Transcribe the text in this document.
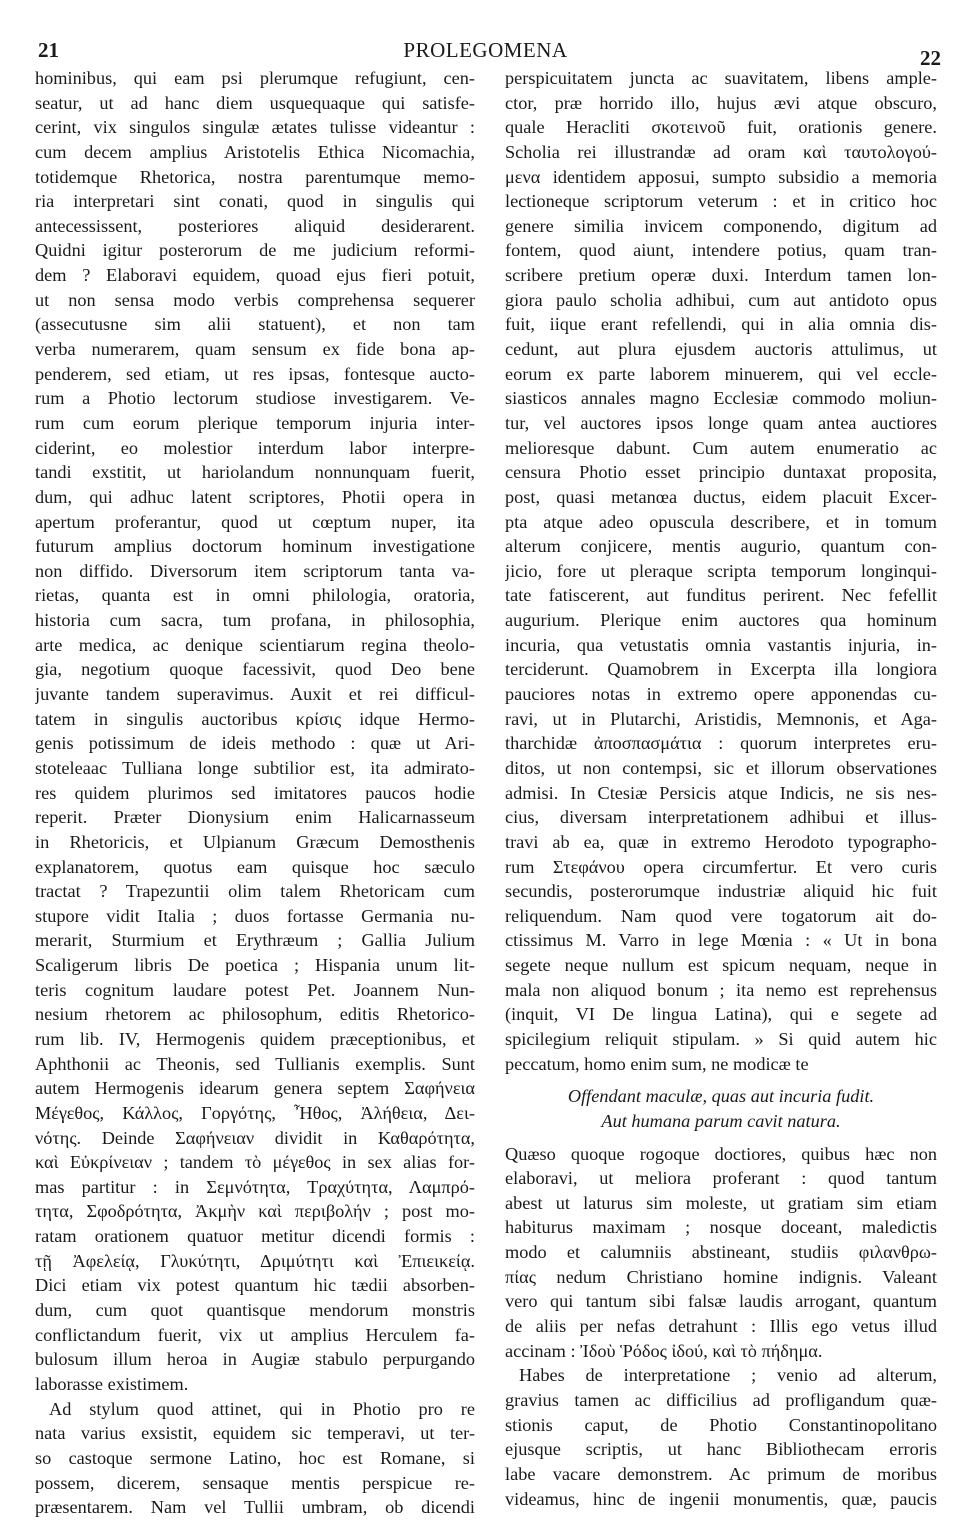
21	PROLEGOMENA	22
hominibus, qui eam psi plerumque refugiunt, cen-
seatur, ut ad hanc diem usquequaque qui satisfe-
cerint, vix singulos singulæ ætates tulisse videantur :
cum decem amplius Aristotelis Ethica Nicomachia,
totidemque Rhetorica, nostra parentumque memo-
ria interpretari sint conati, quod in singulis qui
antecessissent, posteriores aliquid desiderarent.
Quidni igitur posterorum de me judicium reformi-
dem ? Elaboravi equidem, quoad ejus fieri potuit,
ut non sensa modo verbis comprehensa sequerer
(assecutusne sim alii statuent), et non tam
verba numerarem, quam sensum ex fide bona ap-
penderem, sed etiam, ut res ipsas, fontesque aucto-
rum a Photio lectorum studiose investigarem. Ve-
rum cum eorum plerique temporum injuria inter-
ciderint, eo molestior interdum labor interpre-
tandi exstitit, ut hariolandum nonnunquam fuerit,
dum, qui adhuc latent scriptores, Photii opera in
apertum proferantur, quod ut cœptum nuper, ita
futurum amplius doctorum hominum investigatione
non diffido. Diversorum item scriptorum tanta va-
rietas, quanta est in omni philologia, oratoria,
historia cum sacra, tum profana, in philosophia,
arte medica, ac denique scientiarum regina theolo-
gia, negotium quoque facessivit, quod Deo bene
juvante tandem superavimus. Auxit et rei difficul-
tatem in singulis auctoribus κρίσις idque Hermo-
genis potissimum de ideis methodo : quæ ut Ari-
stoteleaac Tulliana longe subtilior est, ita admirato-
res quidem plurimos sed imitatores paucos hodie
reperit. Præter Dionysium enim Halicarnasseum
in Rhetoricis, et Ulpianum Græcum Demosthenis
explanatorem, quotus eam quisque hoc sæculo
tractat ? Trapezuntii olim talem Rhetoricam cum
stupore vidit Italia ; duos fortasse Germania nu-
merarit, Sturmium et Erythræum ; Gallia Julium
Scaligerum libris De poetica ; Hispania unum lit-
teris cognitum laudare potest Pet. Joannem Nun-
nesium rhetorem ac philosophum, editis Rhetorico-
rum lib. IV, Hermogenis quidem præceptionibus, et
Aphthonii ac Theonis, sed Tullianis exemplis. Sunt
autem Hermogenis idearum genera septem Σαφήνεια
Μέγεθος, Κάλλος, Γοργότης, Ἦθος, Ἀλήθεια, Δει-
νότης. Deinde Σαφήνειαν dividit in Καθαρότητα,
καὶ Εὐκρίνειαν ; tandem τὸ μέγεθος in sex alias for-
mas partitur : in Σεμνότητα, Τραχύτητα, Λαμπρό-
τητα, Σφοδρότητα, Ἀκμὴν καὶ περιβολήν ; post mo-
ratam orationem quatuor metitur dicendi formis :
τῇ Ἀφελείᾳ, Γλυκύτητι, Δριμύτητι καὶ Ἐπιεικείᾳ.
Dici etiam vix potest quantum hic tædii absorben-
dum, cum quot quantisque mendorum monstris
conflictandum fuerit, vix ut amplius Herculem fa-
bulosum illum heroa in Augiæ stabulo perpurgando
laborasse existimem.
Ad stylum quod attinet, qui in Photio pro re
nata varius exsistit, equidem sic temperavi, ut ter-
so castoque sermone Latino, hoc est Romane, si
possem, dicerem, sensaque mentis perspicue re-
præsentarem. Nam vel Tullii umbram, ob dicendi
perspicuitatem juncta ac suavitatem, libens ample-
ctor, præ horrido illo, hujus ævi atque obscuro,
quale Heracliti σκοτεινοῦ fuit, orationis genere.
Scholia rei illustrandæ ad oram καὶ ταυτολογού-
μενα identidem apposui, sumpto subsidio a memoria
lectioneque scriptorum veterum : et in critico hoc
genere similia invicem componendo, digitum ad
fontem, quod aiunt, intendere potius, quam tran-
scribere pretium operæ duxi. Interdum tamen lon-
giora paulo scholia adhibui, cum aut antidoto opus
fuit, iique erant refellendi, qui in alia omnia dis-
cedunt, aut plura ejusdem auctoris attulimus, ut
eorum ex parte laborem minuerem, qui vel eccle-
siasticos annales magno Ecclesiæ commodo moliun-
tur, vel auctores ipsos longe quam antea auctiores
melioresque dabunt. Cum autem enumeratio ac
censura Photio esset principio duntaxat proposita,
post, quasi metanœa ductus, eidem placuit Excer-
pta atque adeo opuscula describere, et in tomum
alterum conjicere, mentis augurio, quantum con-
jicio, fore ut pleraque scripta temporum longinqui-
tate fatiscerent, aut funditus perirent. Nec fefellit
augurium. Plerique enim auctores qua hominum
incuria, qua vetustatis omnia vastantis injuria, in-
terciderunt. Quamobrem in Excerpta illa longiora
pauciores notas in extremo opere apponendas cu-
ravi, ut in Plutarchi, Aristidis, Memnonis, et Aga-
tharchidæ ἀποσπασμάτια : quorum interpretes eru-
ditos, ut non contempsi, sic et illorum observationes
admisi. In Ctesiæ Persicis atque Indicis, ne sis nes-
cius, diversam interpretationem adhibui et illus-
travi ab ea, quæ in extremo Herodoto typographo-
rum Στεφάνου opera circumfertur. Et vero curis
secundis, posterorumque industriæ aliquid hic fuit
reliquendum. Nam quod vere togatorum ait do-
ctissimus M. Varro in lege Mœnia : « Ut in bona
segete neque nullum est spicum nequam, neque in
mala non aliquod bonum ; ita nemo est reprehensus
(inquit, VI De lingua Latina), qui e segete ad
spicilegium reliquit stipulam. » Si quid autem hic
peccatum, homo enim sum, ne modicæ te
Offendant maculæ, quas aut incuria fudit.
Aut humana parum cavit natura.
Quæso quoque rogoque doctiores, quibus hæc non
elaboravi, ut meliora proferant : quod tantum
abest ut laturus sim moleste, ut gratiam sim etiam
habiturus maximam ; nosque doceant, maledictis
modo et calumniis abstineant, studiis φιλανθρω-
πίας nedum Christiano homine indignis. Valeant
vero qui tantum sibi falsæ laudis arrogant, quantum
de aliis per nefas detrahunt : Illis ego vetus illud
accinam : Ἰδοὺ Ῥόδος ἰδού, καὶ τὸ πήδημα.
Habes de interpretatione ; venio ad alterum,
gravius tamen ac difficilius ad profligandum quæ-
stionis caput, de Photio Constantinopolitano
ejusque scriptis, ut hanc Bibliothecam erroris
labe vacare demonstrem. Ac primum de moribus
videamus, hinc de ingenii monumentis, quæ, paucis
